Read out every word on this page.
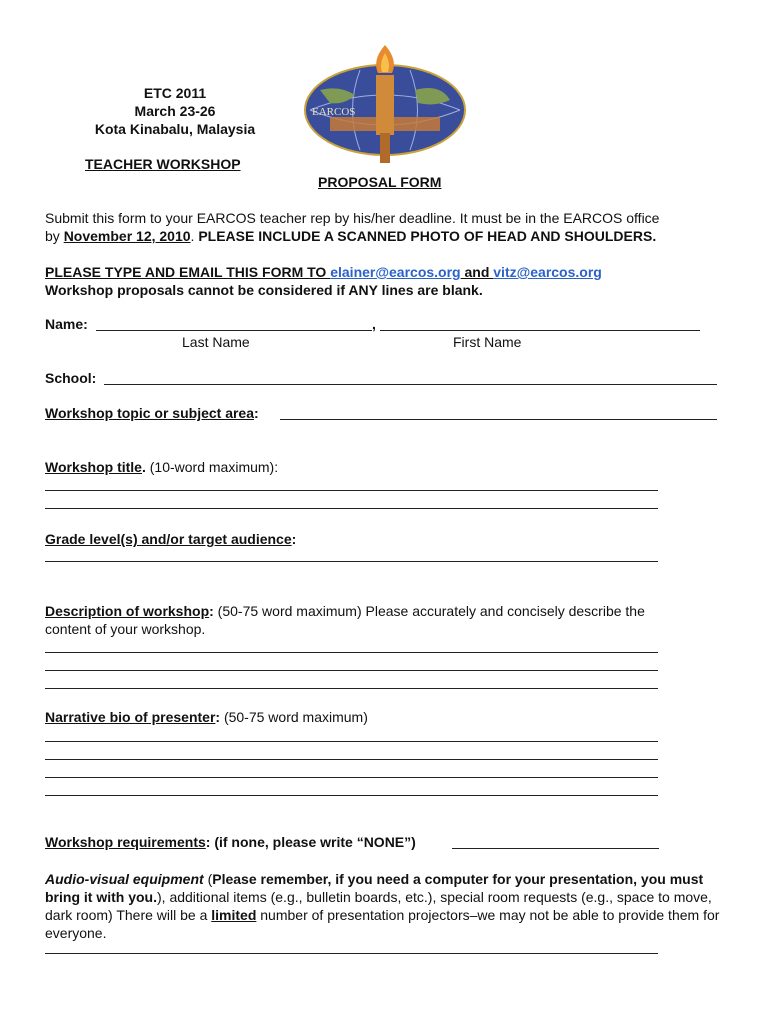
ETC 2011
March 23-26
Kota Kinabalu, Malaysia
TEACHER WORKSHOP
EARCOS
PROPOSAL FORM
Submit this form to your EARCOS teacher rep by his/her deadline. It must be in the EARCOS office
by November 12, 2010. PLEASE INCLUDE A SCANNED PHOTO OF HEAD AND SHOULDERS.
PLEASE TYPE AND EMAIL THIS FORM TO elainer@earcos.org and vitz@earcos.org
Workshop proposals cannot be considered if ANY lines are blank.
Name:	,
Last Name	First Name
School:
Workshop topic or subject area:
Workshop title. (10-word maximum):
Grade level(s) and/or target audience:
Description of workshop: (50-75 word maximum) Please accurately and concisely describe the
content of your workshop.
Narrative bio of presenter: (50-75 word maximum)
Workshop requirements: (if none, please write “NONE”)
Audio-visual equipment (Please remember, if you need a computer for your presentation, you must bring it with you.), additional items (e.g., bulletin boards, etc.), special room requests (e.g., space to move, dark room) There will be a limited number of presentation projectors–we may not be able to provide them for everyone.
